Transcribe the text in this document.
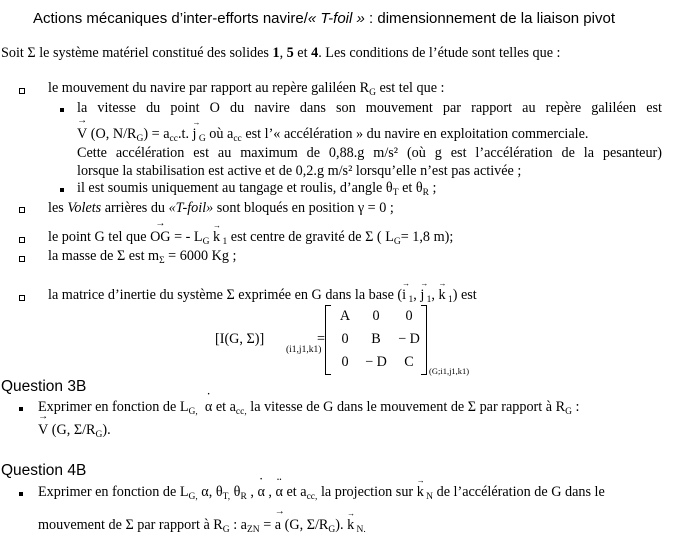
Actions mécaniques d’inter-efforts navire/« T-foil » : dimensionnement de la liaison pivot
Soit Σ le système matériel constitué des solides 1, 5 et 4. Les conditions de l’étude sont telles que :
le mouvement du navire par rapport au repère galiléen $R_G$ est tel que :
la vitesse du point O du navire dans son mouvement par rapport au repère galiléen est
→ V (O, $N/R_G) = a_{cc}.t$. → j $_G$ où $a_{cc}$ est l’« accélération » du navire en exploitation commerciale.
Cette accélération est au maximum de 0,88.g m/s² (où g est l’accélération de la pesanteur)
lorsque la stabilisation est active et de 0,2.g m/s² lorsqu’elle n’est pas activée ;
il est soumis uniquement au tangage et roulis, d’angle $\theta_T$ et $\theta_R$ ;
les Volets arrières du «T-foil» sont bloqués en position γ = 0 ;
le point G tel que → OG = - $L_G \to k$ $_1$ est centre de gravité de Σ ( $L_G= 1,8$ m);
la masse de Σ est $m_\Sigma = 6000$ Kg ;
la matrice d’inertie du système Σ exprimée en G dans la base (→ i $_1$, → j $_1$, → k $_1$) est
[I(G, Σ)]
(i1,j1,k1)
=
A	0	0
0	B	− D
0	− D	C
(G;i1,j1,k1)
Question 3B
Exprimer en fonction de $L_{G,}$ ˙ α et $a_{cc,}$ la vitesse de G dans le mouvement de Σ par rapport à $R_G$ :
→ V (G, $\Sigma/R_G$).
Question 4B
Exprimer en fonction de $L_{G,}$ α, $\theta_{T,}$ $\theta_R$ , ˙ α , ¨ α et $a_{cc,}$ la projection sur → k $_N$ de l’accélération de G dans le
mouvement de Σ par rapport à $R_G$ : $a_{ZN}$ = → a (G, $\Sigma/R_G$). → k $_{N.}$
